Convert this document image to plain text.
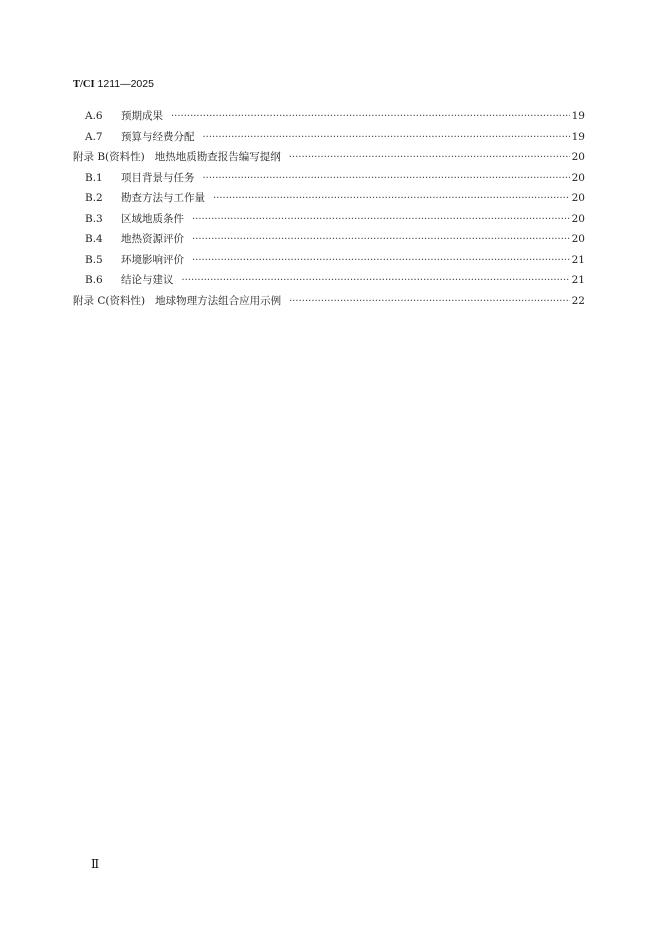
T/CI 1211—2025
A.6	预期成果 ·····	19
A.7	预算与经费分配 ·····	19
附录 B(资料性) 地热地质勘查报告编写提纲 ·····	20
B.1	项目背景与任务 ·····	20
B.2	勘查方法与工作量 ·····	20
B.3	区域地质条件 ·····	20
B.4	地热资源评价 ·····	20
B.5	环境影响评价 ·····	21
B.6	结论与建议 ·····	21
附录 C(资料性) 地球物理方法组合应用示例 ·····	22
Ⅱ
